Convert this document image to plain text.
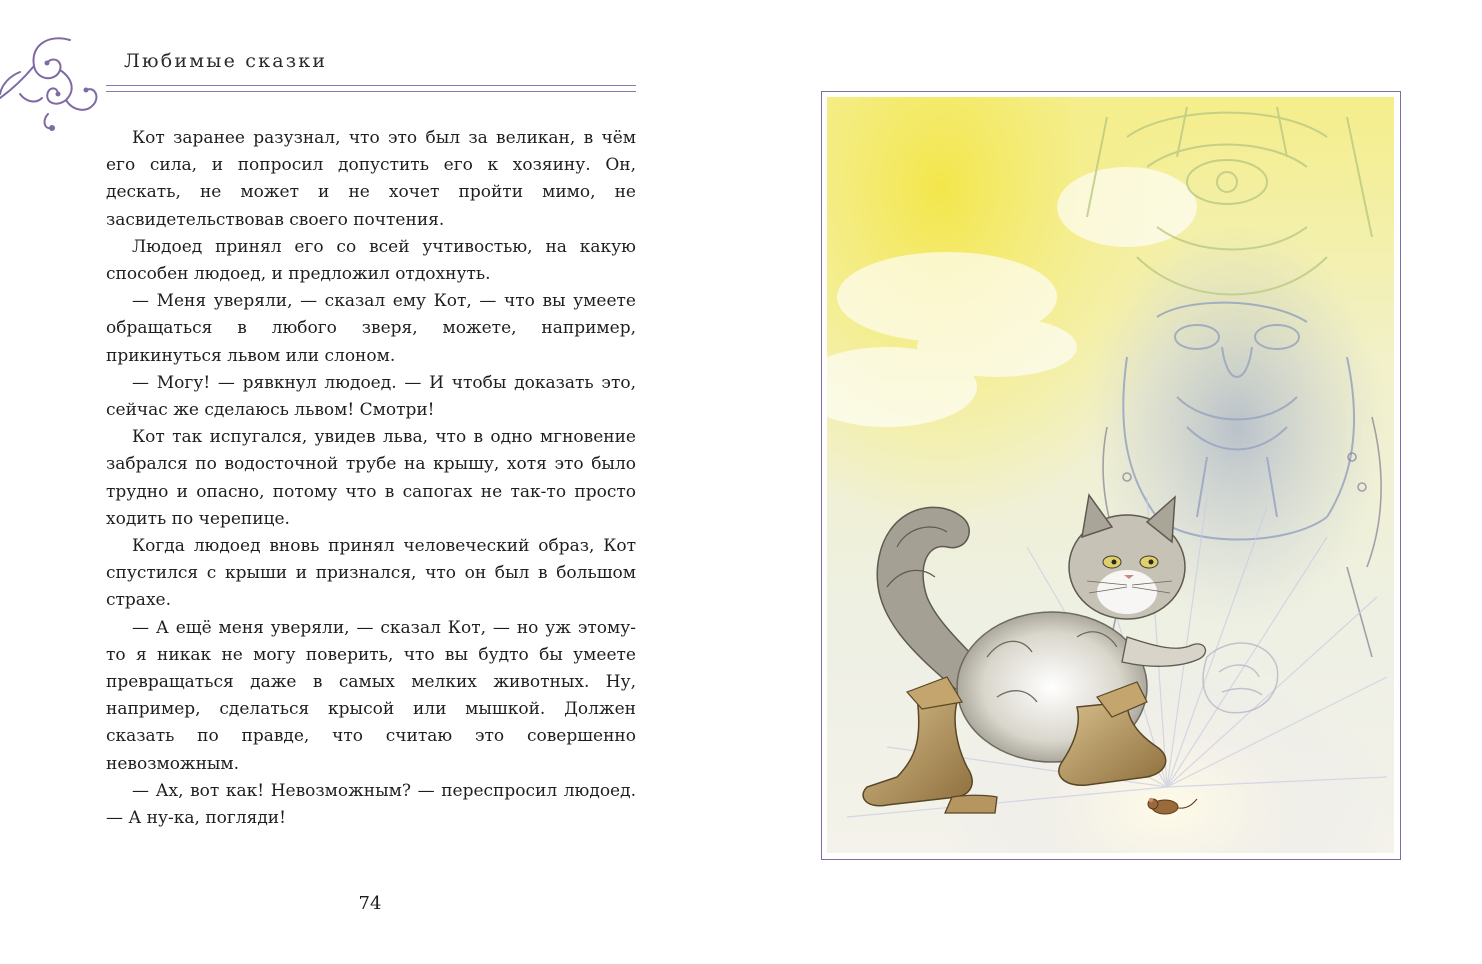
Любимые сказки

Кот заранее разузнал, что это был за великан, в чём его сила, и попросил допустить его к хозяину. Он, дескать, не может и не хочет пройти мимо, не засвидетельствовав своего почтения.

Людоед принял его со всей учтивостью, на какую способен людоед, и предложил отдохнуть.

— Меня уверяли, — сказал ему Кот, — что вы умеете обращаться в любого зверя, можете, например, прикинуться львом или слоном.

— Могу! — рявкнул людоед. — И чтобы доказать это, сейчас же сделаюсь львом! Смотри!

Кот так испугался, увидев льва, что в одно мгновение забрался по водосточной трубе на крышу, хотя это было трудно и опасно, потому что в сапогах не так-то просто ходить по черепице.

Когда людоед вновь принял человеческий образ, Кот спустился с крыши и признался, что он был в большом страхе.

— А ещё меня уверяли, — сказал Кот, — но уж этому-то я никак не могу поверить, что вы будто бы умеете превращаться даже в самых мелких животных. Ну, например, сделаться крысой или мышкой. Должен сказать по правде, что считаю это совершенно невозможным.

— Ах, вот как! Невозможным? — переспросил людоед. — А ну-ка, погляди!

74
